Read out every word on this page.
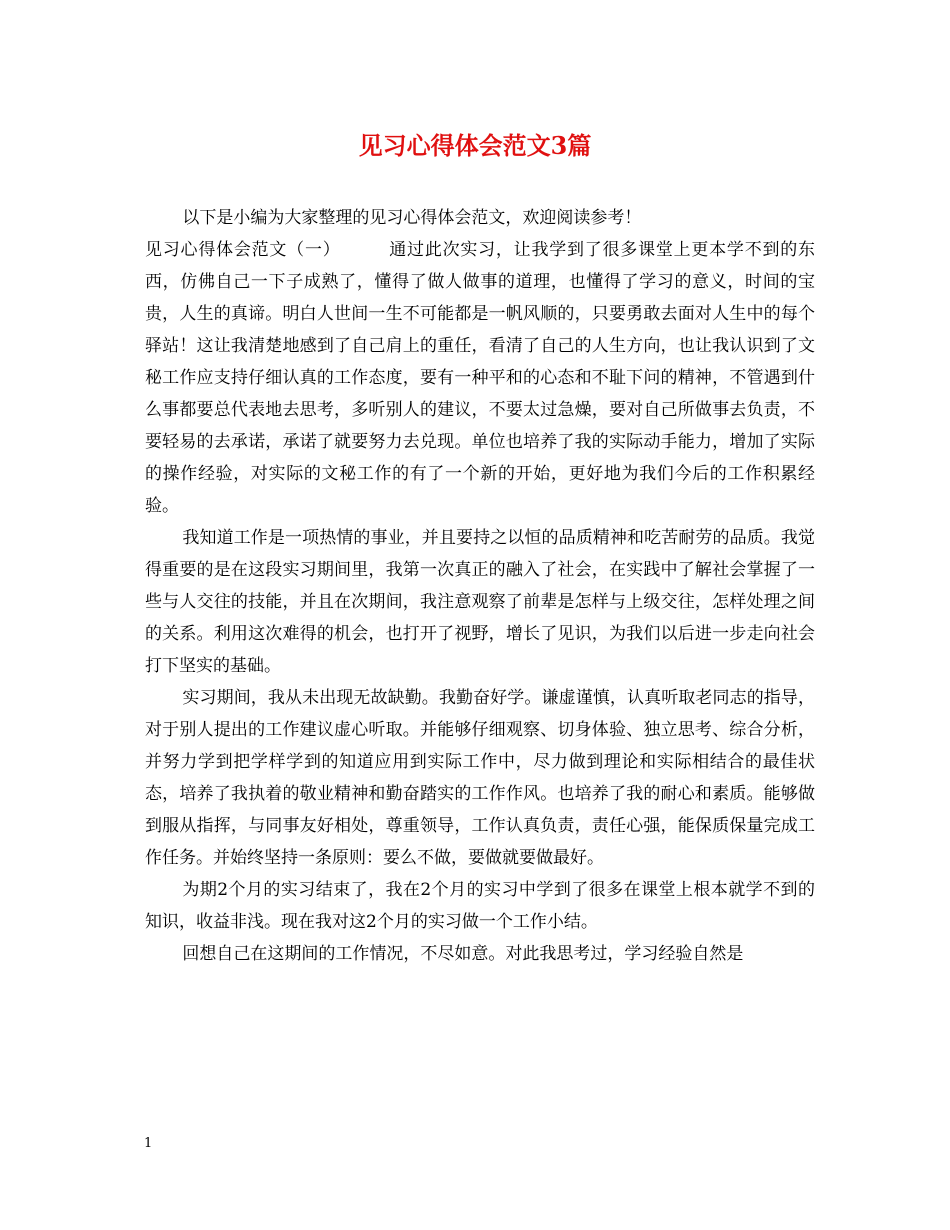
见习心得体会范文3篇

以下是小编为大家整理的见习心得体会范文，欢迎阅读参考！

见习心得体会范文（一）	通过此次实习，让我学到了很多课堂上更本学不到的东西，仿佛自己一下子成熟了，懂得了做人做事的道理，也懂得了学习的意义，时间的宝贵，人生的真谛。明白人世间一生不可能都是一帆风顺的，只要勇敢去面对人生中的每个驿站！这让我清楚地感到了自己肩上的重任，看清了自己的人生方向，也让我认识到了文秘工作应支持仔细认真的工作态度，要有一种平和的心态和不耻下问的精神，不管遇到什么事都要总代表地去思考，多听别人的建议，不要太过急燥，要对自己所做事去负责，不要轻易的去承诺，承诺了就要努力去兑现。单位也培养了我的实际动手能力，增加了实际的操作经验，对实际的文秘工作的有了一个新的开始，更好地为我们今后的工作积累经验。

我知道工作是一项热情的事业，并且要持之以恒的品质精神和吃苦耐劳的品质。我觉得重要的是在这段实习期间里，我第一次真正的融入了社会，在实践中了解社会掌握了一些与人交往的技能，并且在次期间，我注意观察了前辈是怎样与上级交往，怎样处理之间的关系。利用这次难得的机会，也打开了视野，增长了见识，为我们以后进一步走向社会打下坚实的基础。

实习期间，我从未出现无故缺勤。我勤奋好学。谦虚谨慎，认真听取老同志的指导，对于别人提出的工作建议虚心听取。并能够仔细观察、切身体验、独立思考、综合分析，并努力学到把学样学到的知道应用到实际工作中，尽力做到理论和实际相结合的最佳状态，培养了我执着的敬业精神和勤奋踏实的工作作风。也培养了我的耐心和素质。能够做到服从指挥，与同事友好相处，尊重领导，工作认真负责，责任心强，能保质保量完成工作任务。并始终坚持一条原则：要么不做，要做就要做最好。

为期2个月的实习结束了，我在2个月的实习中学到了很多在课堂上根本就学不到的知识，收益非浅。现在我对这2个月的实习做一个工作小结。

回想自己在这期间的工作情况，不尽如意。对此我思考过，学习经验自然是

1
